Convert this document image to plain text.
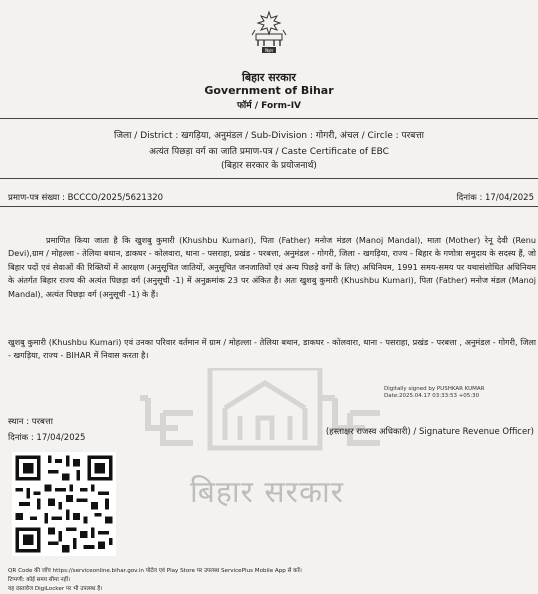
बिहार
बिहार सरकार
Government of Bihar
फॉर्म / Form-IV
जिला / District : खगड़िया, अनुमंडल / Sub-Division : गोगरी, अंचल / Circle : परबत्ता
अत्यंत पिछड़ा वर्ग का जाति प्रमाण-पत्र / Caste Certificate of EBC
(बिहार सरकार के प्रयोजनार्थ)
प्रमाण-पत्र संख्या : BCCCO/2025/5621320	दिनांक : 17/04/2025
बिहार सरकार

प्रमाणित किया जाता है कि खुशबु कुमारी (Khushbu Kumari), पिता (Father) मनोज मंडल (Manoj Mandal), माता (Mother) रेनू देवी (Renu Devi),ग्राम / मोहल्ला - तेलिया बथान, डाकघर - कोलवारा, थाना - पसराहा, प्रखंड - परबत्ता, अनुमंडल - गोगरी, जिला - खगड़िया, राज्य - बिहार के गणोत्रा समुदाय के सदस्य हैं, जो बिहार पदों एवं सेवाओं की रिक्तियों में आरक्षण (अनुसूचित जातियों, अनुसूचित जनजातियों एवं अन्य पिछड़े वर्गों के लिए) अधिनियम, 1991 समय-समय पर यथासंशोधित अधिनियम के अंतर्गत बिहार राज्य की अत्यंत पिछड़ा वर्ग (अनुसूची -1) में अनुक्रमांक 23 पर अंकित है। अतः खुशबु कुमारी (Khushbu Kumari), पिता (Father) मनोज मंडल (Manoj Mandal), अत्यंत पिछड़ा वर्ग (अनुसूची -1) के हैं।

खुशबु कुमारी (Khushbu Kumari) एवं उनका परिवार वर्तमान में ग्राम / मोहल्ला - तेलिया बथान, डाकघर - कोलवारा, थाना - पसराहा, प्रखंड - परबत्ता , अनुमंडल - गोगरी, जिला - खगड़िया, राज्य - BIHAR में निवास करता है।

Digitally signed by PUSHKAR KUMAR
Date:2025.04.17 03:33:53 +05:30
स्थान : परबत्ता
दिनांक : 17/04/2025
(हस्ताक्षर राजस्व अधिकारी) / Signature Revenue Officer)
QR Code की जाँच https://serviceonline.bihar.gov.in पोर्टल एवं Play Store पर उपलब्ध ServicePlus Mobile App से करें।
टिप्पणी: कोई समय सीमा नहीं।
यह दस्तावेज DigiLocker पर भी उपलब्ध है।
